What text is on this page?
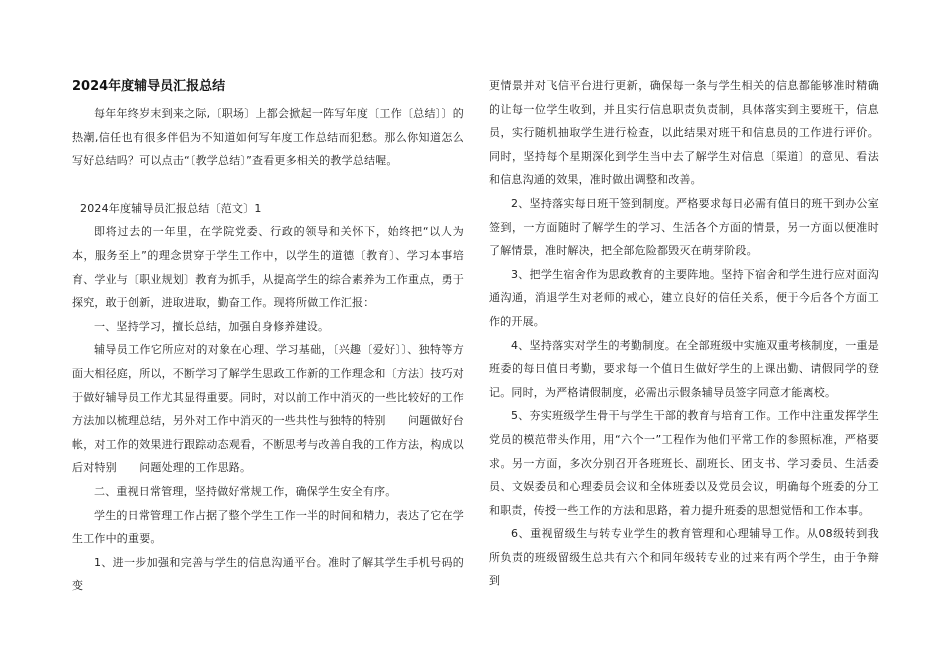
2024年度辅导员汇报总结

每年年终岁末到来之际,〔职场〕上都会掀起一阵写年度〔工作〔总结〕〕的热潮,信任也有很多伴侣为不知道如何写年度工作总结而犯愁。那么你知道怎么写好总结吗？可以点击“〔教学总结〕”查看更多相关的教学总结喔。

2024年度辅导员汇报总结〔范文〕1

即将过去的一年里，在学院党委、行政的领导和关怀下，始终把“以人为本，服务至上”的理念贯穿于学生工作中，以学生的道德〔教育〕、学习本事培育、学业与〔职业规划〕教育为抓手，从提高学生的综合素养为工作重点，勇于探究，敢于创新，进取进取，勤奋工作。现将所做工作汇报：

一、坚持学习，擅长总结，加强自身修养建设。

辅导员工作它所应对的对象在心理、学习基础，〔兴趣〔爱好〕〕、独特等方面大相径庭，所以，不断学习了解学生思政工作新的工作理念和〔方法〕技巧对于做好辅导员工作尤其显得重要。同时，对以前工作中消灭的一些比较好的工作方法加以梳理总结，另外对工作中消灭的一些共性与独特的特别　　问题做好台帐，对工作的效果进行跟踪动态观看，不断思考与改善自我的工作方法，构成以后对特别　　问题处理的工作思路。

二、重视日常管理，坚持做好常规工作，确保学生安全有序。

学生的日常管理工作占据了整个学生工作一半的时间和精力，表达了它在学生工作中的重要。

1、进一步加强和完善与学生的信息沟通平台。准时了解其学生手机号码的变

更情景并对飞信平台进行更新，确保每一条与学生相关的信息都能够准时精确的让每一位学生收到，并且实行信息职责负责制，具体落实到主要班干，信息员，实行随机抽取学生进行检查，以此结果对班干和信息员的工作进行评价。同时，坚持每个星期深化到学生当中去了解学生对信息〔渠道〕的意见、看法和信息沟通的效果，准时做出调整和改善。

2、坚持落实每日班干签到制度。严格要求每日必需有值日的班干到办公室签到，一方面随时了解学生的学习、生活各个方面的情景，另一方面以便准时了解情景，准时解决，把全部危险都毁灭在萌芽阶段。

3、把学生宿舍作为思政教育的主要阵地。坚持下宿舍和学生进行应对面沟通沟通，消退学生对老师的戒心，建立良好的信任关系，便于今后各个方面工作的开展。

4、坚持落实对学生的考勤制度。在全部班级中实施双重考核制度，一重是班委的每日值日考勤，要求每一个值日生做好学生的上课出勤、请假同学的登记。同时，为严格请假制度，必需出示假条辅导员签字同意才能离校。

5、夯实班级学生骨干与学生干部的教育与培育工作。工作中注重发挥学生党员的模范带头作用，用“六个一”工程作为他们平常工作的参照标准，严格要求。另一方面，多次分别召开各班班长、副班长、团支书、学习委员、生活委员、文娱委员和心理委员会议和全体班委以及党员会议，明确每个班委的分工和职责，传授一些工作的方法和思路，着力提升班委的思想觉悟和工作本事。

6、重视留级生与转专业学生的教育管理和心理辅导工作。从08级转到我所负责的班级留级生总共有六个和同年级转专业的过来有两个学生，由于争辩到
